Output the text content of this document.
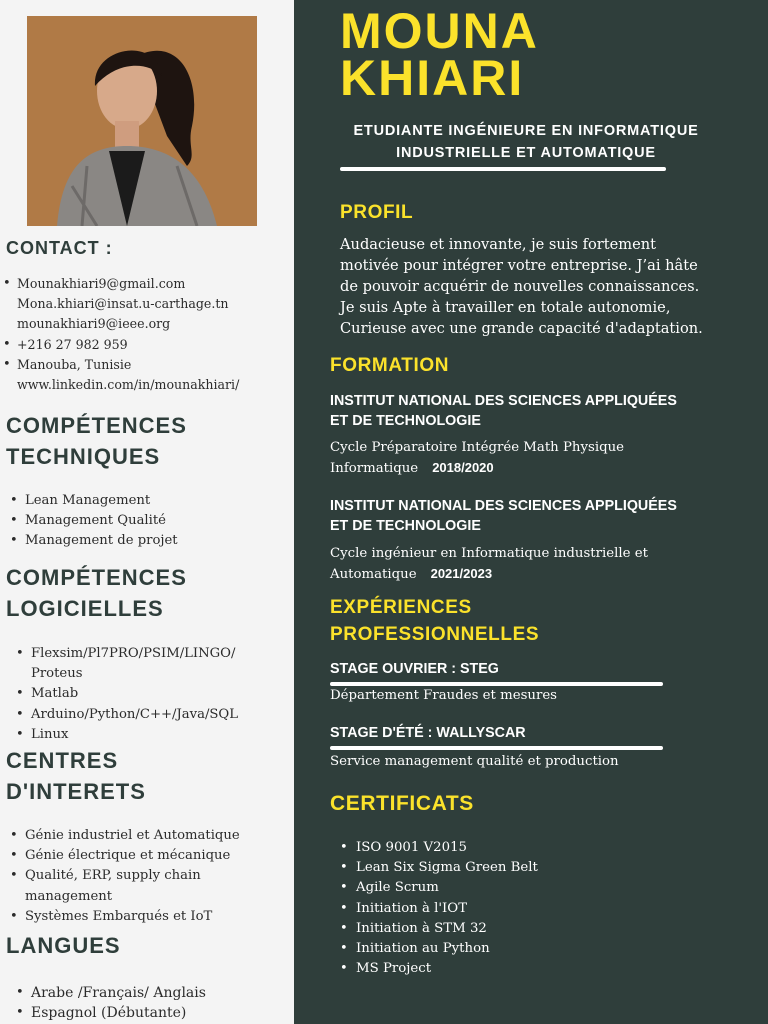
CONTACT :
• Mounakhiari9@gmail.com
Mona.khiari@insat.u-carthage.tn
mounakhiari9@ieee.org
• +216 27 982 959
• Manouba, Tunisie
www.linkedin.com/in/mounakhiari/
COMPÉTENCES
TECHNIQUES
• Lean Management
• Management Qualité
• Management de projet
COMPÉTENCES
LOGICIELLES
• Flexsim/Pl7PRO/PSIM/LINGO/
Proteus
• Matlab
• Arduino/Python/C++/Java/SQL
• Linux
CENTRES
D'INTERETS
• Génie industriel et Automatique
• Génie électrique et mécanique
• Qualité, ERP, supply chain
management
• Systèmes Embarqués et IoT
LANGUES
• Arabe /Français/ Anglais
• Espagnol (Débutante)
MOUNA
KHIARI
ETUDIANTE INGÉNIEURE EN INFORMATIQUE
INDUSTRIELLE ET AUTOMATIQUE
PROFIL
Audacieuse et innovante, je suis fortement
motivée pour intégrer votre entreprise. J’ai hâte
de pouvoir acquérir de nouvelles connaissances.
Je suis Apte à travailler en totale autonomie,
Curieuse avec une grande capacité d'adaptation.
FORMATION
INSTITUT NATIONAL DES SCIENCES APPLIQUÉES
ET DE TECHNOLOGIE
Cycle Préparatoire Intégrée Math Physique
Informatique 2018/2020
INSTITUT NATIONAL DES SCIENCES APPLIQUÉES
ET DE TECHNOLOGIE
Cycle ingénieur en Informatique industrielle et
Automatique 2021/2023
EXPÉRIENCES
PROFESSIONNELLES
STAGE OUVRIER : STEG
Département Fraudes et mesures
STAGE D'ÉTÉ : WALLYSCAR
Service management qualité et production
CERTIFICATS
• ISO 9001 V2015
• Lean Six Sigma Green Belt
• Agile Scrum
• Initiation à l'IOT
• Initiation à STM 32
• Initiation au Python
• MS Project
